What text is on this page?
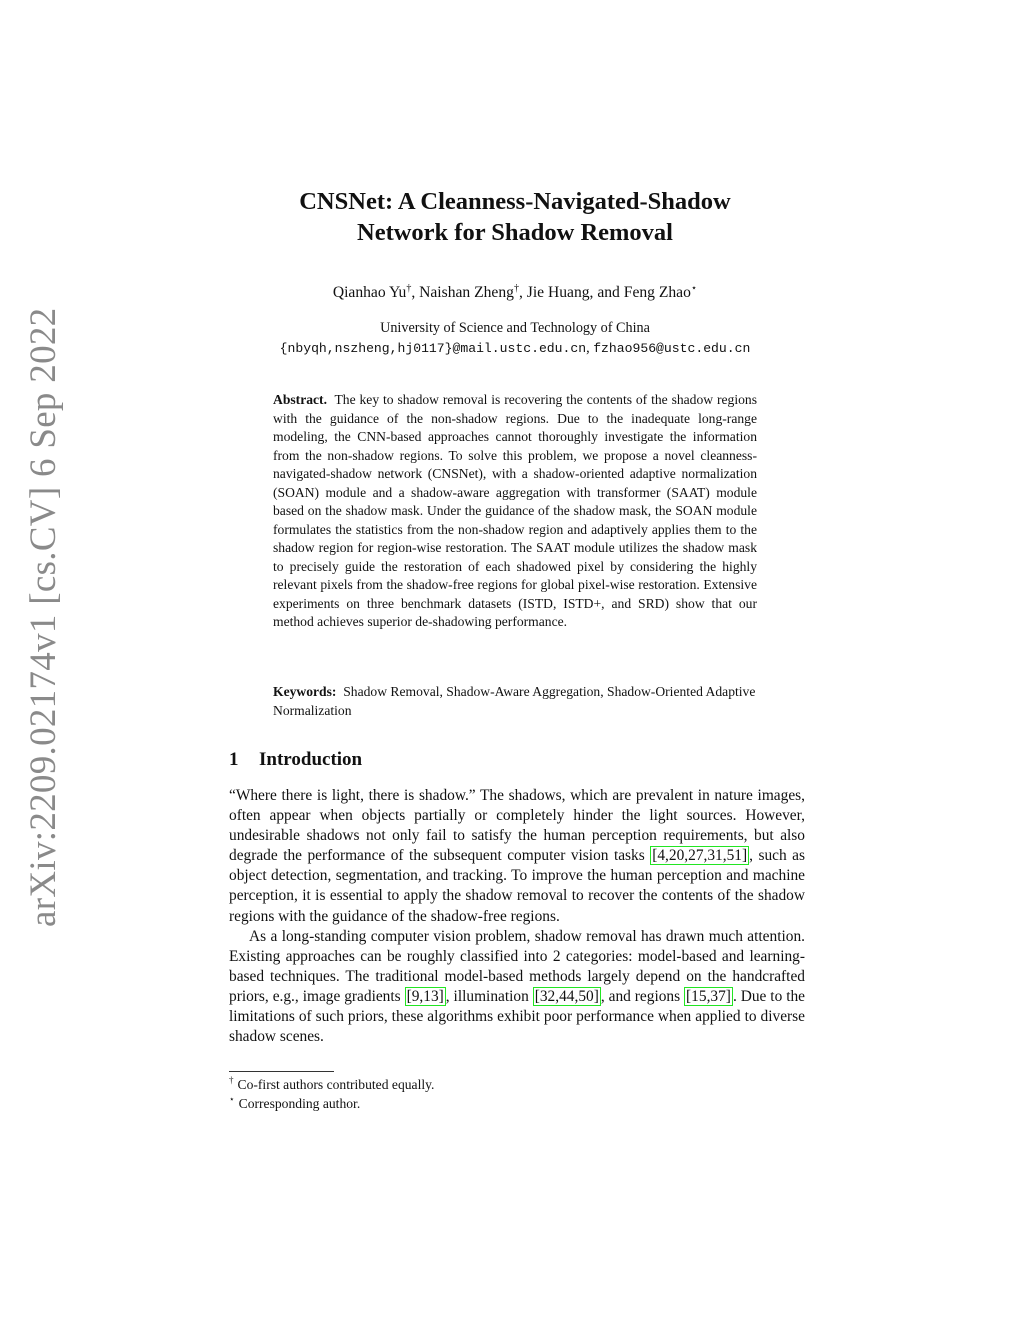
arXiv:2209.02174v1 [cs.CV] 6 Sep 2022
CNSNet: A Cleanness-Navigated-Shadow
Network for Shadow Removal
Qianhao Yu†, Naishan Zheng†, Jie Huang, and Feng Zhao⋆
University of Science and Technology of China
{nbyqh,nszheng,hj0117}@mail.ustc.edu.cn, fzhao956@ustc.edu.cn
Abstract. The key to shadow removal is recovering the contents of the shadow regions with the guidance of the non-shadow regions. Due to the inadequate long-range modeling, the CNN-based approaches cannot thoroughly investigate the information from the non-shadow regions. To solve this problem, we propose a novel cleanness-navigated-shadow network (CNSNet), with a shadow-oriented adaptive normalization (SOAN) module and a shadow-aware aggregation with transformer (SAAT) module based on the shadow mask. Under the guidance of the shadow mask, the SOAN module formulates the statistics from the non-shadow region and adaptively applies them to the shadow region for region-wise restoration. The SAAT module utilizes the shadow mask to precisely guide the restoration of each shadowed pixel by considering the highly relevant pixels from the shadow-free regions for global pixel-wise restoration. Extensive experiments on three benchmark datasets (ISTD, ISTD+, and SRD) show that our method achieves superior de-shadowing performance.
Keywords: Shadow Removal, Shadow-Aware Aggregation, Shadow-Oriented Adaptive Normalization
1 Introduction

“Where there is light, there is shadow.” The shadows, which are prevalent in nature images, often appear when objects partially or completely hinder the light sources. However, undesirable shadows not only fail to satisfy the human perception requirements, but also degrade the performance of the subsequent computer vision tasks [4,20,27,31,51] , such as object detection, segmentation, and tracking. To improve the human perception and machine perception, it is essential to apply the shadow removal to recover the contents of the shadow regions with the guidance of the shadow-free regions.

As a long-standing computer vision problem, shadow removal has drawn much attention. Existing approaches can be roughly classified into 2 categories: model-based and learning-based techniques. The traditional model-based methods largely depend on the handcrafted priors, e.g., image gradients [9,13] , illumination [32,44,50] , and regions [15,37] . Due to the limitations of such priors, these algorithms exhibit poor performance when applied to diverse shadow scenes.

† Co-first authors contributed equally.
⋆ Corresponding author.
